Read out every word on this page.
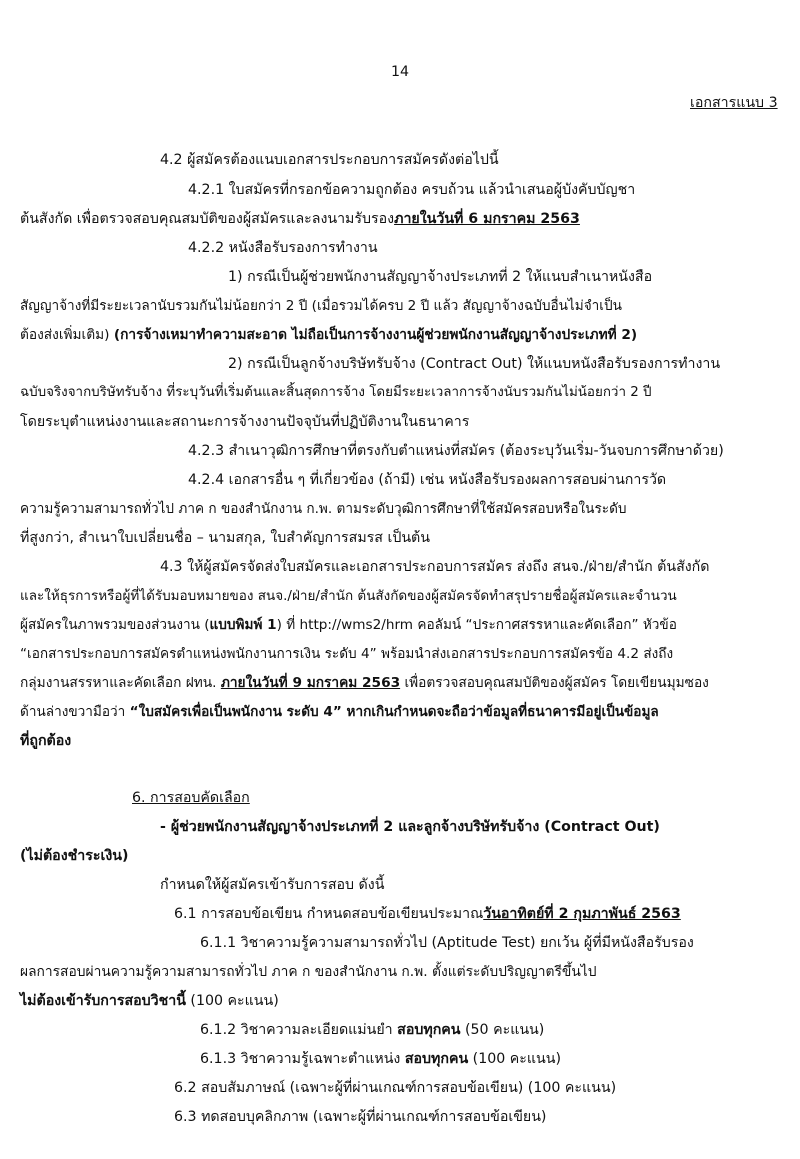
14
เอกสารแนบ 3
4.2 ผู้สมัครต้องแนบเอกสารประกอบการสมัครดังต่อไปนี้
4.2.1 ใบสมัครที่กรอกข้อความถูกต้อง ครบถ้วน แล้วนำเสนอผู้บังคับบัญชา
ต้นสังกัด เพื่อตรวจสอบคุณสมบัติของผู้สมัครและลงนามรับรองภายในวันที่ 6 มกราคม 2563
4.2.2 หนังสือรับรองการทำงาน
1) กรณีเป็นผู้ช่วยพนักงานสัญญาจ้างประเภทที่ 2 ให้แนบสำเนาหนังสือ
สัญญาจ้างที่มีระยะเวลานับรวมกันไม่น้อยกว่า 2 ปี (เมื่อรวมได้ครบ 2 ปี แล้ว สัญญาจ้างฉบับอื่นไม่จำเป็น
ต้องส่งเพิ่มเติม) (การจ้างเหมาทำความสะอาด ไม่ถือเป็นการจ้างงานผู้ช่วยพนักงานสัญญาจ้างประเภทที่ 2)
2) กรณีเป็นลูกจ้างบริษัทรับจ้าง (Contract Out) ให้แนบหนังสือรับรองการทำงาน
ฉบับจริงจากบริษัทรับจ้าง ที่ระบุวันที่เริ่มต้นและสิ้นสุดการจ้าง โดยมีระยะเวลาการจ้างนับรวมกันไม่น้อยกว่า 2 ปี
โดยระบุตำแหน่งงานและสถานะการจ้างงานปัจจุบันที่ปฏิบัติงานในธนาคาร
4.2.3 สำเนาวุฒิการศึกษาที่ตรงกับตำแหน่งที่สมัคร (ต้องระบุวันเริ่ม-วันจบการศึกษาด้วย)
4.2.4 เอกสารอื่น ๆ ที่เกี่ยวข้อง (ถ้ามี) เช่น หนังสือรับรองผลการสอบผ่านการวัด
ความรู้ความสามารถทั่วไป ภาค ก ของสำนักงาน ก.พ. ตามระดับวุฒิการศึกษาที่ใช้สมัครสอบหรือในระดับ
ที่สูงกว่า, สำเนาใบเปลี่ยนชื่อ – นามสกุล, ใบสำคัญการสมรส เป็นต้น
4.3 ให้ผู้สมัครจัดส่งใบสมัครและเอกสารประกอบการสมัคร ส่งถึง สนจ./ฝ่าย/สำนัก ต้นสังกัด
และให้ธุรการหรือผู้ที่ได้รับมอบหมายของ สนจ./ฝ่าย/สำนัก ต้นสังกัดของผู้สมัครจัดทำสรุปรายชื่อผู้สมัครและจำนวน
ผู้สมัครในภาพรวมของส่วนงาน (แบบพิมพ์ 1) ที่ http://wms2/hrm คอลัมน์ “ประกาศสรรหาและคัดเลือก” หัวข้อ
“เอกสารประกอบการสมัครตำแหน่งพนักงานการเงิน ระดับ 4” พร้อมนำส่งเอกสารประกอบการสมัครข้อ 4.2 ส่งถึง
กลุ่มงานสรรหาและคัดเลือก ฝทน. ภายในวันที่ 9 มกราคม 2563 เพื่อตรวจสอบคุณสมบัติของผู้สมัคร โดยเขียนมุมซอง
ด้านล่างขวามือว่า “ใบสมัครเพื่อเป็นพนักงาน ระดับ 4” หากเกินกำหนดจะถือว่าข้อมูลที่ธนาคารมีอยู่เป็นข้อมูล
ที่ถูกต้อง
6. การสอบคัดเลือก
- ผู้ช่วยพนักงานสัญญาจ้างประเภทที่ 2 และลูกจ้างบริษัทรับจ้าง (Contract Out)
(ไม่ต้องชำระเงิน)
กำหนดให้ผู้สมัครเข้ารับการสอบ ดังนี้
6.1 การสอบข้อเขียน กำหนดสอบข้อเขียนประมาณวันอาทิตย์ที่ 2 กุมภาพันธ์ 2563
6.1.1 วิชาความรู้ความสามารถทั่วไป (Aptitude Test) ยกเว้น ผู้ที่มีหนังสือรับรอง
ผลการสอบผ่านความรู้ความสามารถทั่วไป ภาค ก ของสำนักงาน ก.พ. ตั้งแต่ระดับปริญญาตรีขึ้นไป
ไม่ต้องเข้ารับการสอบวิชานี้ (100 คะแนน)
6.1.2 วิชาความละเอียดแม่นยำ สอบทุกคน (50 คะแนน)
6.1.3 วิชาความรู้เฉพาะตำแหน่ง สอบทุกคน (100 คะแนน)
6.2 สอบสัมภาษณ์ (เฉพาะผู้ที่ผ่านเกณฑ์การสอบข้อเขียน) (100 คะแนน)
6.3 ทดสอบบุคลิกภาพ (เฉพาะผู้ที่ผ่านเกณฑ์การสอบข้อเขียน)
